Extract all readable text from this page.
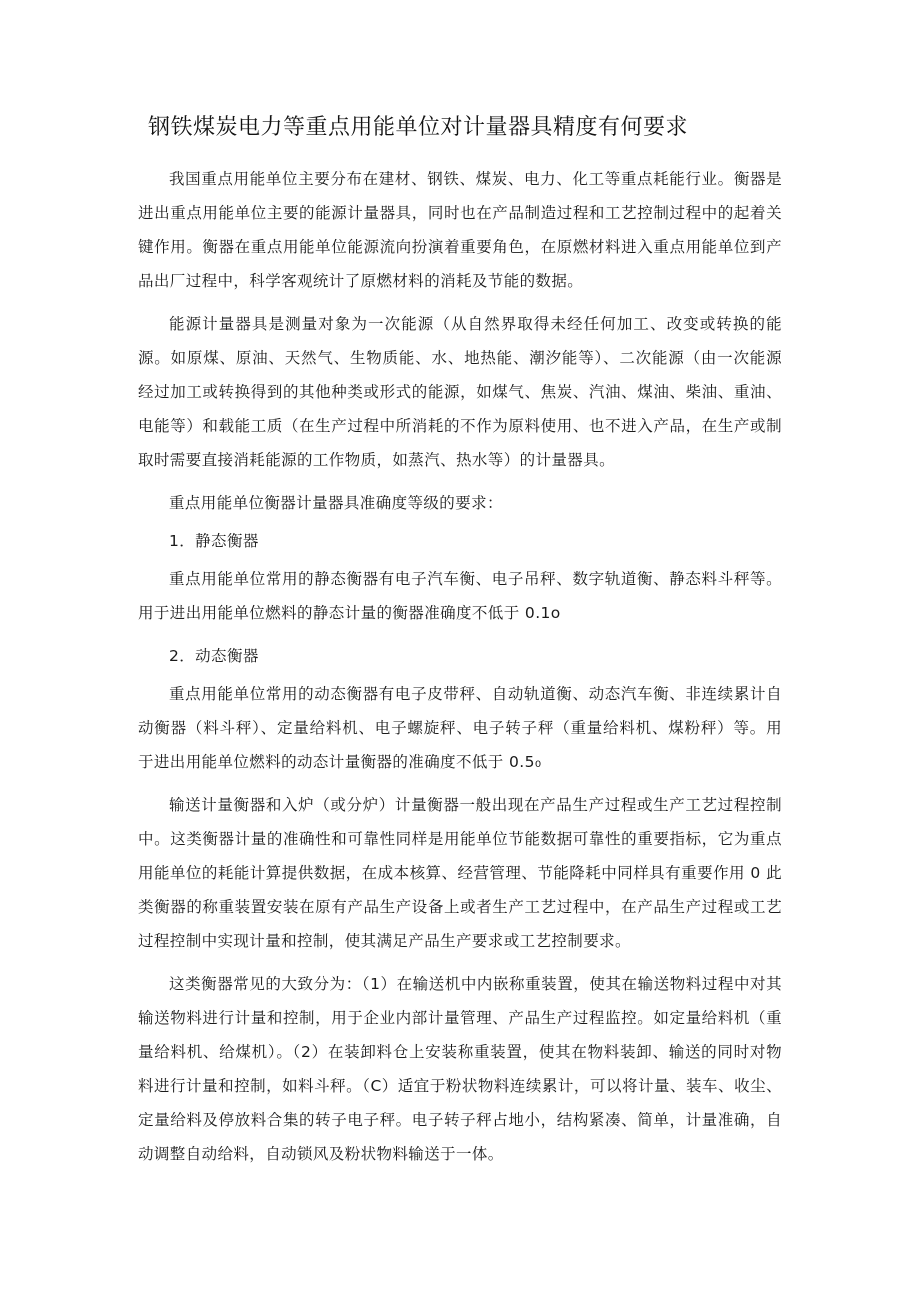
钢铁煤炭电力等重点用能单位对计量器具精度有何要求

我国重点用能单位主要分布在建材、钢铁、煤炭、电力、化工等重点耗能行业。衡器是进出重点用能单位主要的能源计量器具，同时也在产品制造过程和工艺控制过程中的起着关键作用。衡器在重点用能单位能源流向扮演着重要角色，在原燃材料进入重点用能单位到产品出厂过程中，科学客观统计了原燃材料的消耗及节能的数据。

能源计量器具是测量对象为一次能源（从自然界取得未经任何加工、改变或转换的能源。如原煤、原油、天然气、生物质能、水、地热能、潮汐能等）、二次能源（由一次能源经过加工或转换得到的其他种类或形式的能源，如煤气、焦炭、汽油、煤油、柴油、重油、电能等）和载能工质（在生产过程中所消耗的不作为原料使用、也不进入产品，在生产或制取时需要直接消耗能源的工作物质，如蒸汽、热水等）的计量器具。

重点用能单位衡器计量器具准确度等级的要求：

1．静态衡器

重点用能单位常用的静态衡器有电子汽车衡、电子吊秤、数字轨道衡、静态料斗秤等。用于进出用能单位燃料的静态计量的衡器准确度不低于 0.1o

2．动态衡器

重点用能单位常用的动态衡器有电子皮带秤、自动轨道衡、动态汽车衡、非连续累计自动衡器（料斗秤）、定量给料机、电子螺旋秤、电子转子秤（重量给料机、煤粉秤）等。用于进出用能单位燃料的动态计量衡器的准确度不低于 0.5₀

输送计量衡器和入炉（或分炉）计量衡器一般出现在产品生产过程或生产工艺过程控制中。这类衡器计量的准确性和可靠性同样是用能单位节能数据可靠性的重要指标，它为重点用能单位的耗能计算提供数据，在成本核算、经营管理、节能降耗中同样具有重要作用 0 此类衡器的称重装置安装在原有产品生产设备上或者生产工艺过程中，在产品生产过程或工艺过程控制中实现计量和控制，使其满足产品生产要求或工艺控制要求。

这类衡器常见的大致分为：（1）在输送机中内嵌称重装置，使其在输送物料过程中对其输送物料进行计量和控制，用于企业内部计量管理、产品生产过程监控。如定量给料机（重量给料机、给煤机）。（2）在装卸料仓上安装称重装置，使其在物料装卸、输送的同时对物料进行计量和控制，如料斗秤。（C）适宜于粉状物料连续累计，可以将计量、装车、收尘、定量给料及停放料合集的转子电子秤。电子转子秤占地小，结构紧凑、简单，计量准确，自动调整自动给料，自动锁风及粉状物料输送于一体。
